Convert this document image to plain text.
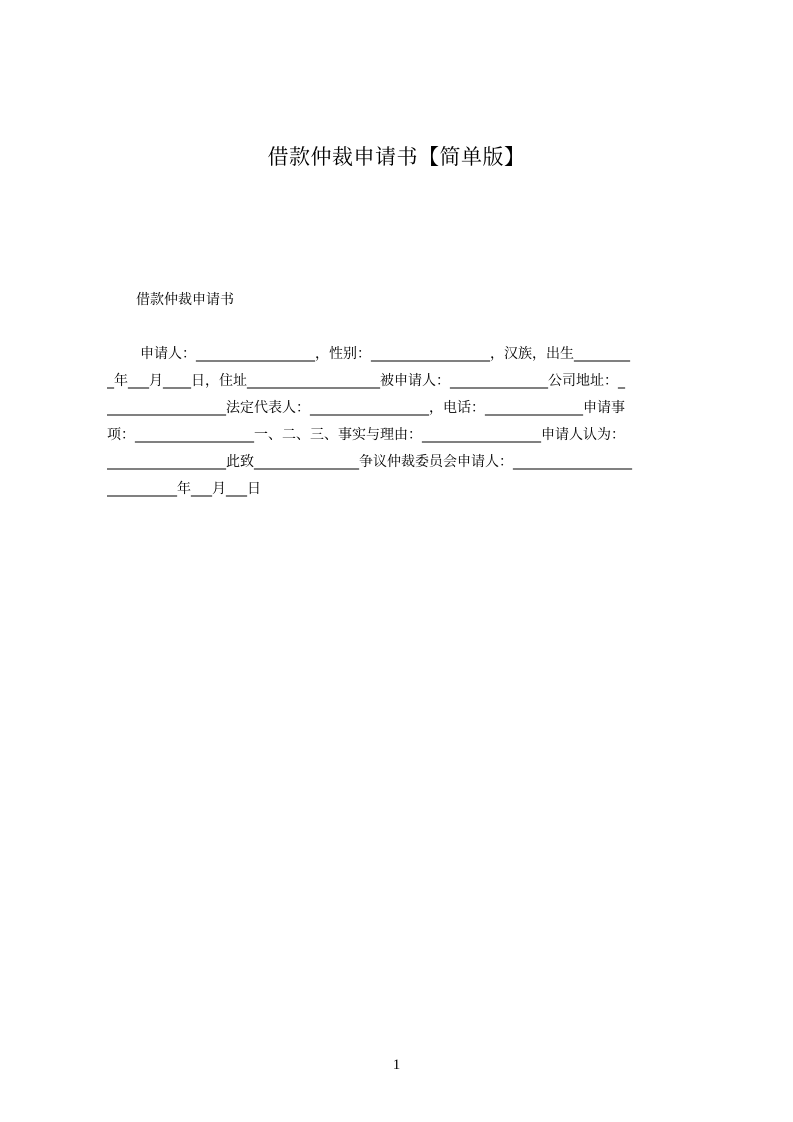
借款仲裁申请书【简单版】
借款仲裁申请书
申请人：_________________，性别：_________________，汉族，出生________
_年___月____日，住址___________________被申请人：______________公司地址：_
_________________法定代表人：_________________，电话：______________申请事
项：_________________一、二、三、事实与理由：_________________申请人认为：
_________________此致_______________争议仲裁委员会申请人：_________________
__________年___月___日
1
